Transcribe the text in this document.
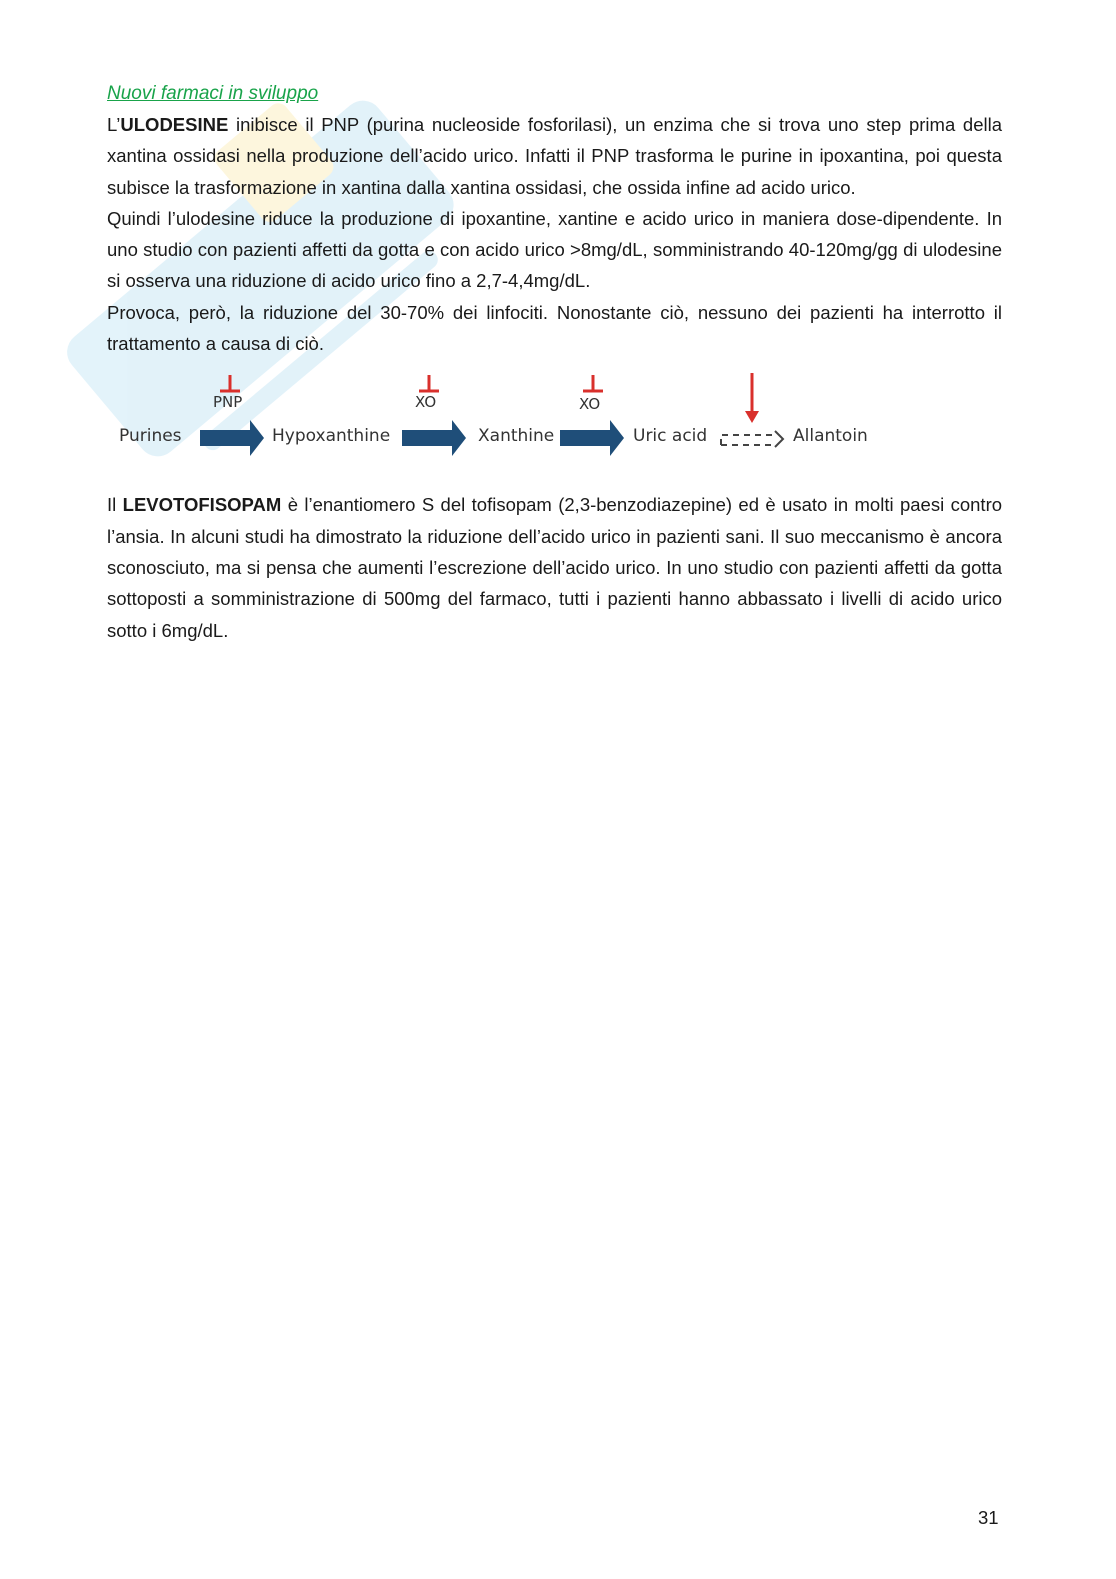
Nuovi farmaci in sviluppo

L’ULODESINE inibisce il PNP (purina nucleoside fosforilasi), un enzima che si trova uno step prima della xantina ossidasi nella produzione dell’acido urico. Infatti il PNP trasforma le purine in ipoxantina, poi questa subisce la trasformazione in xantina dalla xantina ossidasi, che ossida infine ad acido urico.

Quindi l’ulodesine riduce la produzione di ipoxantine, xantine e acido urico in maniera dose-dipendente. In uno studio con pazienti affetti da gotta e con acido urico >8mg/dL, somministrando 40-120mg/gg di ulodesine si osserva una riduzione di acido urico fino a 2,7-4,4mg/dL.

Provoca, però, la riduzione del 30-70% dei linfociti. Nonostante ciò, nessuno dei pazienti ha interrotto il trattamento a causa di ciò.

PNP	XO	XO
Purines	Hypoxanthine	Xanthine	Uric acid	Allantoin

Il LEVOTOFISOPAM è l’enantiomero S del tofisopam (2,3-benzodiazepine) ed è usato in molti paesi contro l’ansia. In alcuni studi ha dimostrato la riduzione dell’acido urico in pazienti sani. Il suo meccanismo è ancora sconosciuto, ma si pensa che aumenti l’escrezione dell’acido urico. In uno studio con pazienti affetti da gotta sottoposti a somministrazione di 500mg del farmaco, tutti i pazienti hanno abbassato i livelli di acido urico sotto i 6mg/dL.

31
